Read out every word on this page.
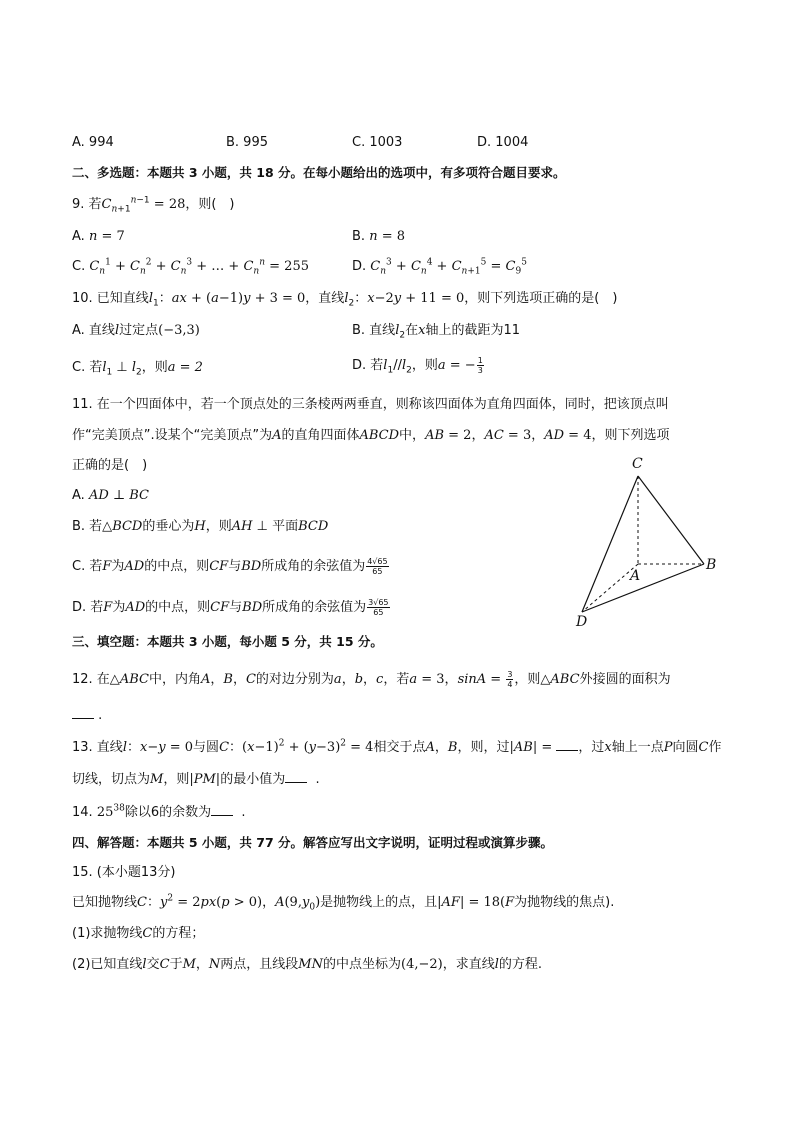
A. 994	B. 995	C. 1003	D. 1004
二、多选题：本题共 3 小题，共 18 分。在每小题给出的选项中，有多项符合题目要求。
9. 若$C_{n+1}^{n-1} = 28$，则(　)
A. n = 7	B. n = 8
C. $C_n^1 + C_n^2 + C_n^3$ + … + $C_n^n = 255$	D. $C_n^3 + C_n^4 + C_{n+1}^5 = C_9^5$
10. 已知直线$l_1$：ax + (a−1)y + 3 = 0，直线$l_2$：x−2y + 11 = 0，则下列选项正确的是(　)
A. 直线l过定点(−3,3)	B. 直线$l_2$在x轴上的截距为11
C. 若$l_1$ ⊥ $l_2$，则a = 2	D. 若$l_1//l_2$，则a = − $\frac{1}{3}$
11. 在一个四面体中，若一个顶点处的三条棱两两垂直，则称该四面体为直角四面体，同时，把该顶点叫
作“完美顶点”.设某个“完美顶点”为A的直角四面体ABCD中，AB = 2，AC = 3，AD = 4，则下列选项
正确的是(　)
A. AD ⊥ BC
B. 若△BCD的垂心为H，则AH ⊥ 平面BCD
C. 若F为AD的中点，则CF与BD所成角的余弦值为 $\frac{4√65}{65}$
D. 若F为AD的中点，则CF与BD所成角的余弦值为 $\frac{3√65}{65}$
C
A
B
D
三、填空题：本题共 3 小题，每小题 5 分，共 15 分。
12. 在△ABC中，内角A，B，C的对边分别为a，b，c，若a = 3，$\sin A = \frac{3}{4}$ ，则△ABC外接圆的面积为
.
13. 直线l：x−y = 0与圆C：$(x-1)^2 + (y-3)^2 = 4$相交于点A，B，则，过|AB| = ，过x轴上一点P向圆C作
切线，切点为M，则|PM|的最小值为 .
14. $25^{38}$除以6的余数为 .
四、解答题：本题共 5 小题，共 77 分。解答应写出文字说明，证明过程或演算步骤。
15. (本小题13分)
已知抛物线C：$y^2 = 2px(p > 0)$，$A(9,y_0)$是抛物线上的点，且|AF| = 18(F为抛物线的焦点).
(1)求抛物线C的方程；
(2)已知直线l交C于M，N两点，且线段MN的中点坐标为(4,−2)，求直线l的方程.
